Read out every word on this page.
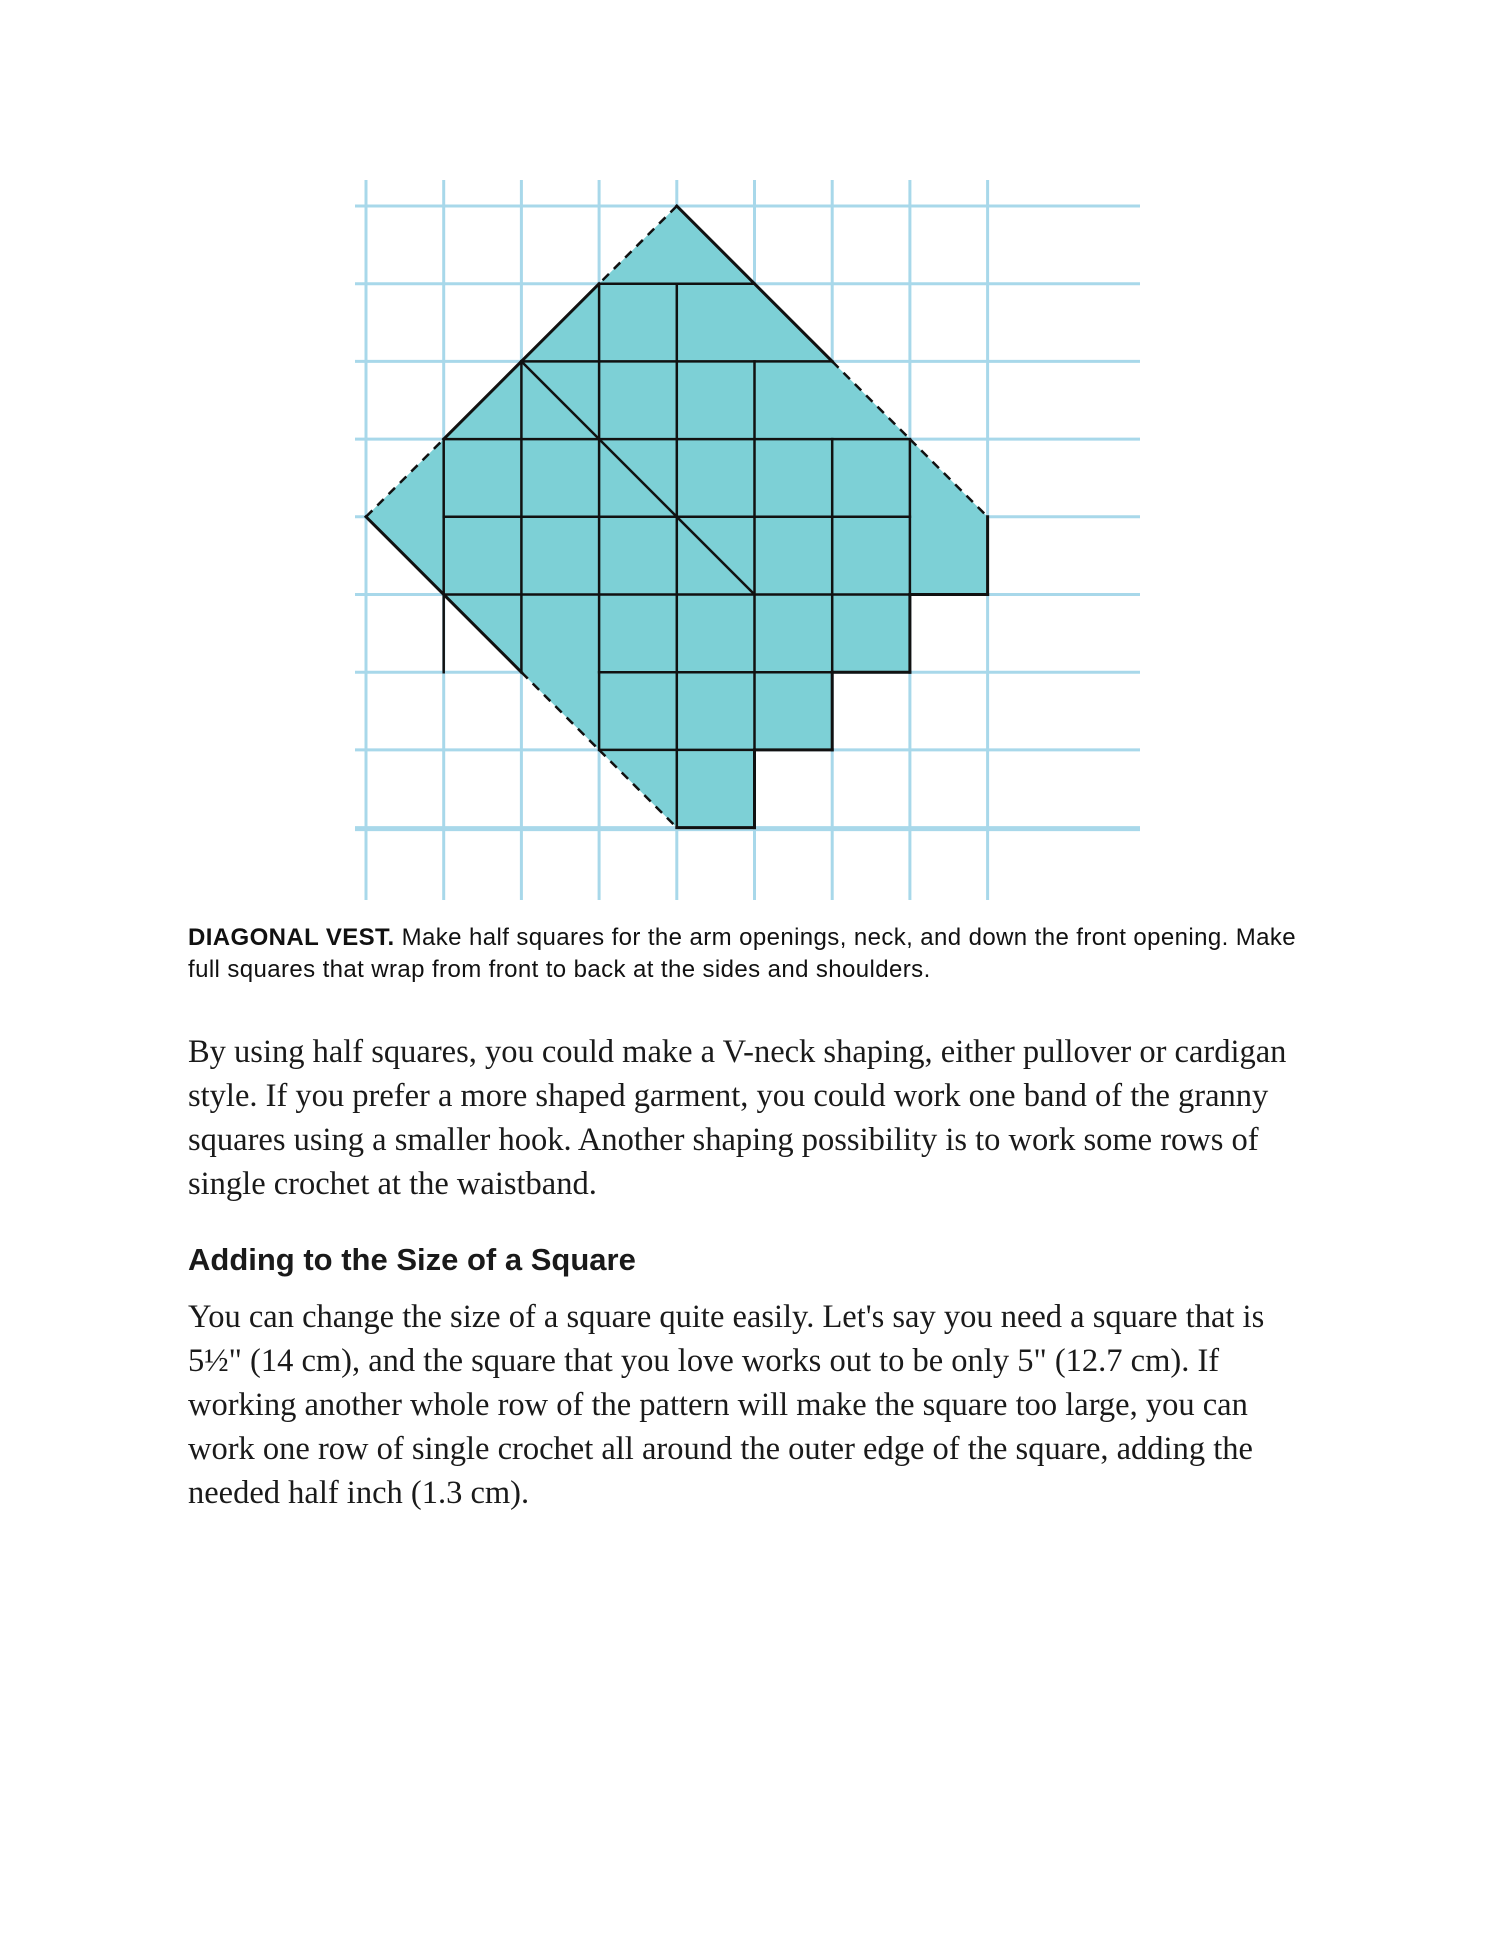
DIAGONAL VEST. Make half squares for the arm openings, neck, and down the front opening. Make full squares that wrap from front to back at the sides and shoulders.

By using half squares, you could make a V-neck shaping, either pullover or cardigan style. If you prefer a more shaped garment, you could work one band of the granny squares using a smaller hook. Another shaping possibility is to work some rows of single crochet at the waistband.

Adding to the Size of a Square

You can change the size of a square quite easily. Let's say you need a square that is 5½" (14 cm), and the square that you love works out to be only 5" (12.7 cm). If working another whole row of the pattern will make the square too large, you can work one row of single crochet all around the outer edge of the square, adding the needed half inch (1.3 cm).
